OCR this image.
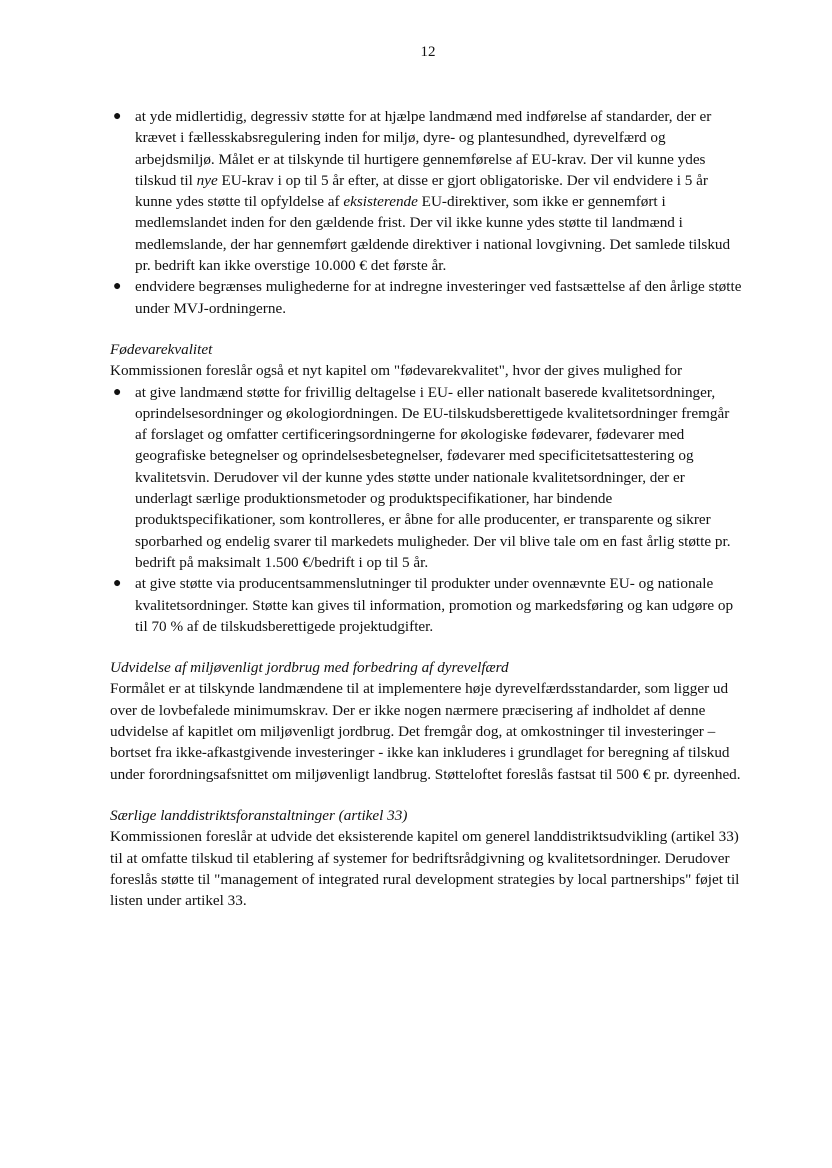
12
● at yde midlertidig, degressiv støtte for at hjælpe landmænd med indførelse af standarder, der er krævet i fællesskabsregulering inden for miljø, dyre- og plantesundhed, dyrevelfærd og arbejdsmiljø. Målet er at tilskynde til hurtigere gennemførelse af EU-krav. Der vil kunne ydes tilskud til nye EU-krav i op til 5 år efter, at disse er gjort obligatoriske. Der vil endvidere i 5 år kunne ydes støtte til opfyldelse af eksisterende EU-direktiver, som ikke er gennemført i medlemslandet inden for den gældende frist. Der vil ikke kunne ydes støtte til landmænd i medlemslande, der har gennemført gældende direktiver i national lovgivning. Det samlede tilskud pr. bedrift kan ikke overstige 10.000 € det første år.
● endvidere begrænses mulighederne for at indregne investeringer ved fastsættelse af den årlige støtte under MVJ-ordningerne.

Fødevarekvalitet

Kommissionen foreslår også et nyt kapitel om "fødevarekvalitet", hvor der gives mulighed for

● at give landmænd støtte for frivillig deltagelse i EU- eller nationalt baserede kvalitetsordninger, oprindelsesordninger og økologiordningen. De EU-tilskudsberettigede kvalitetsordninger fremgår af forslaget og omfatter certificeringsordningerne for økologiske fødevarer, fødevarer med geografiske betegnelser og oprindelsesbetegnelser, fødevarer med specificitetsattestering og kvalitetsvin. Derudover vil der kunne ydes støtte under nationale kvalitetsordninger, der er underlagt særlige produktionsmetoder og produktspecifikationer, har bindende produktspecifikationer, som kontrolleres, er åbne for alle producenter, er transparente og sikrer sporbarhed og endelig svarer til markedets muligheder. Der vil blive tale om en fast årlig støtte pr. bedrift på maksimalt 1.500 €/bedrift i op til 5 år.
● at give støtte via producentsammenslutninger til produkter under ovennævnte EU- og nationale kvalitetsordninger. Støtte kan gives til information, promotion og markedsføring og kan udgøre op til 70 % af de tilskudsberettigede projektudgifter.

Udvidelse af miljøvenligt jordbrug med forbedring af dyrevelfærd

Formålet er at tilskynde landmændene til at implementere høje dyrevelfærdsstandarder, som ligger ud over de lovbefalede minimumskrav. Der er ikke nogen nærmere præcisering af indholdet af denne udvidelse af kapitlet om miljøvenligt jordbrug. Det fremgår dog, at omkostninger til investeringer – bortset fra ikke-afkastgivende investeringer - ikke kan inkluderes i grundlaget for beregning af tilskud under forordningsafsnittet om miljøvenligt landbrug. Støtteloftet foreslås fastsat til 500 € pr. dyreenhed.

Særlige landdistriktsforanstaltninger (artikel 33)

Kommissionen foreslår at udvide det eksisterende kapitel om generel landdistriktsudvikling (artikel 33) til at omfatte tilskud til etablering af systemer for bedriftsrådgivning og kvalitetsordninger. Derudover foreslås støtte til "management of integrated rural development strategies by local partnerships" føjet til listen under artikel 33.
